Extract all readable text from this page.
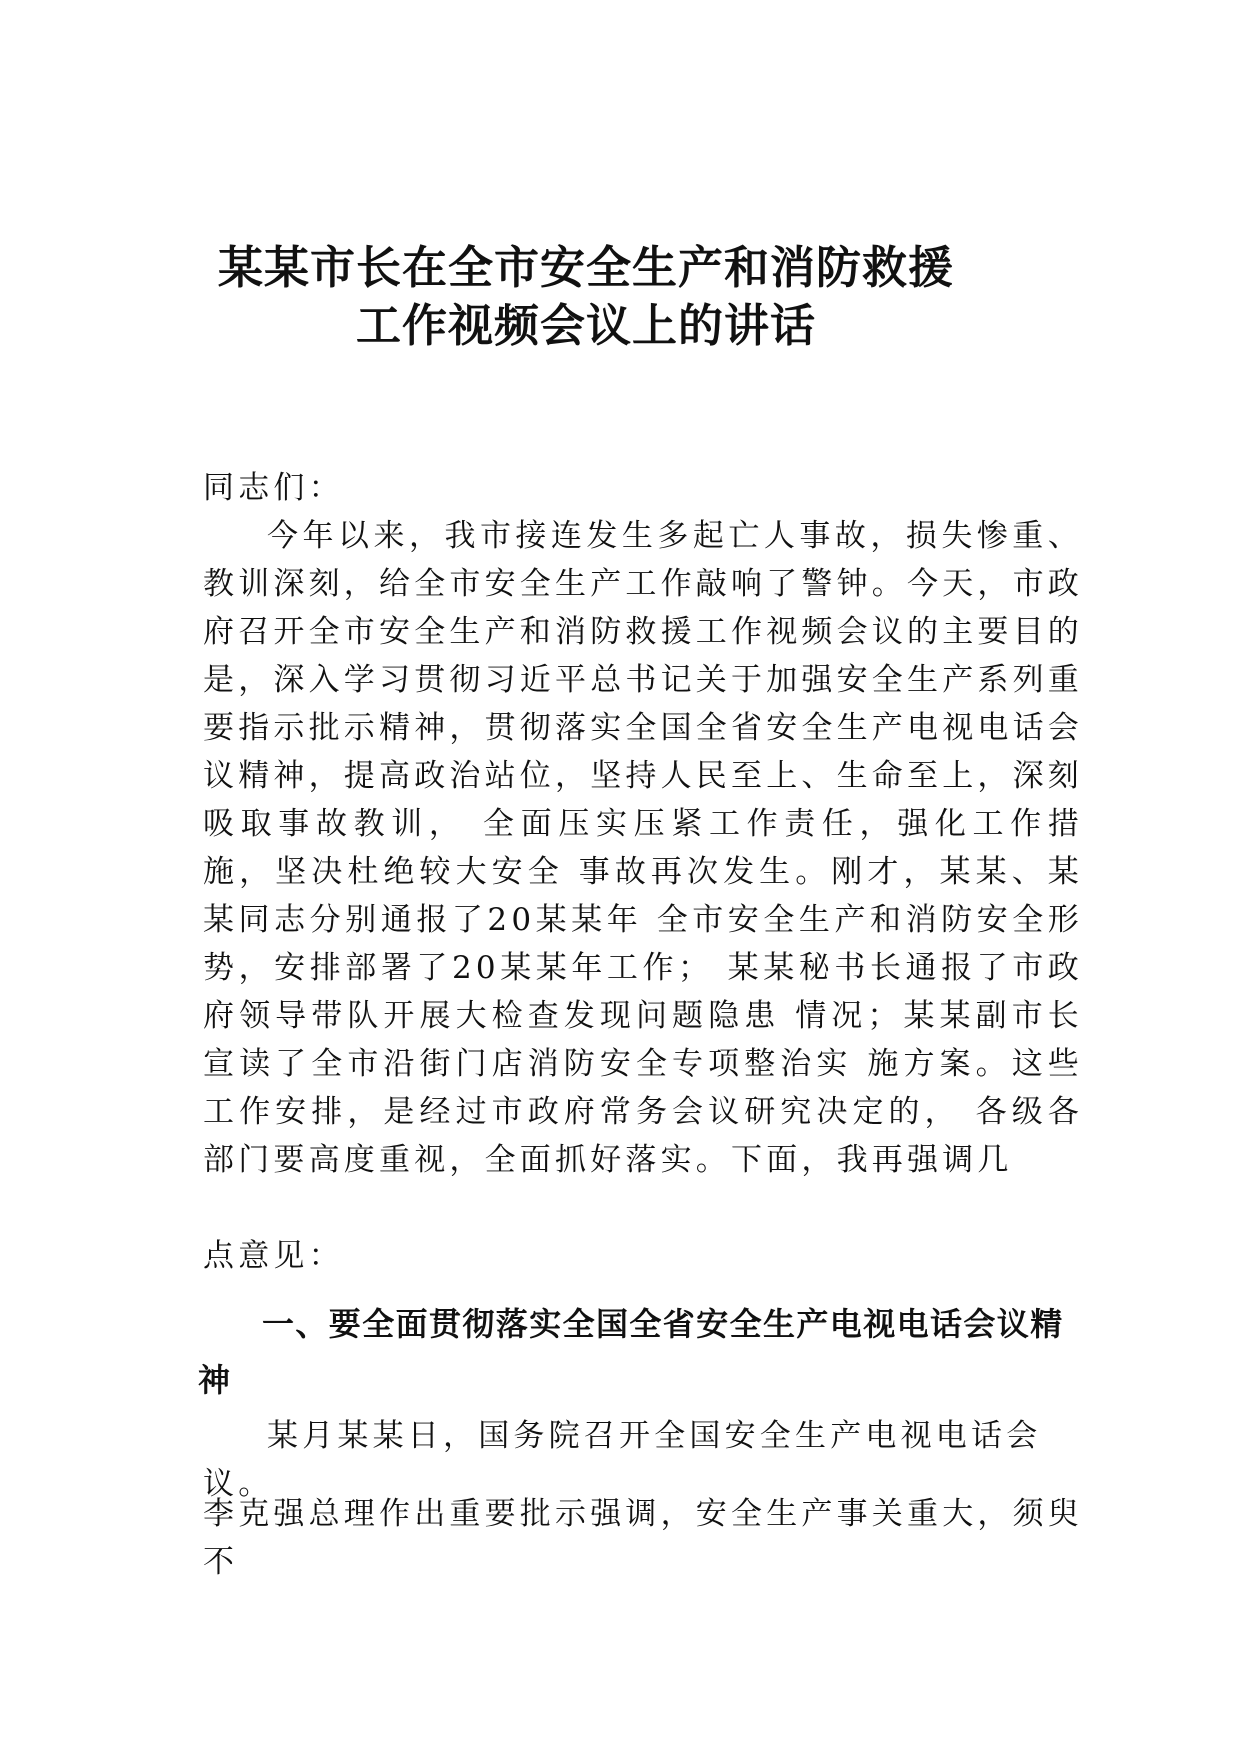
某某市长在全市安全生产和消防救援
工作视频会议上的讲话

同志们：

今年以来，我市接连发生多起亡人事故，损失惨重、教训深刻，给全市安全生产工作敲响了警钟。今天，市政府召开全市安全生产和消防救援工作视频会议的主要目的是，深入学习贯彻习近平总书记关于加强安全生产系列重要指示批示精神，贯彻落实全国全省安全生产电视电话会议精神，提高政治站位，坚持人民至上、生命至上，深刻吸取事故教训， 全面压实压紧工作责任，强化工作措施，坚决杜绝较大安全 事故再次发生。刚才，某某、某某同志分别通报了20某某年 全市安全生产和消防安全形势，安排部署了20某某年工作； 某某秘书长通报了市政府领导带队开展大检查发现问题隐患 情况；某某副市长宣读了全市沿街门店消防安全专项整治实 施方案。这些工作安排，是经过市政府常务会议研究决定的， 各级各部门要高度重视，全面抓好落实。下面，我再强调几

点意见：

一、要全面贯彻落实全国全省安全生产电视电话会议精神

某月某某日，国务院召开全国安全生产电视电话会议。

李克强总理作出重要批示强调，安全生产事关重大，须臾不
